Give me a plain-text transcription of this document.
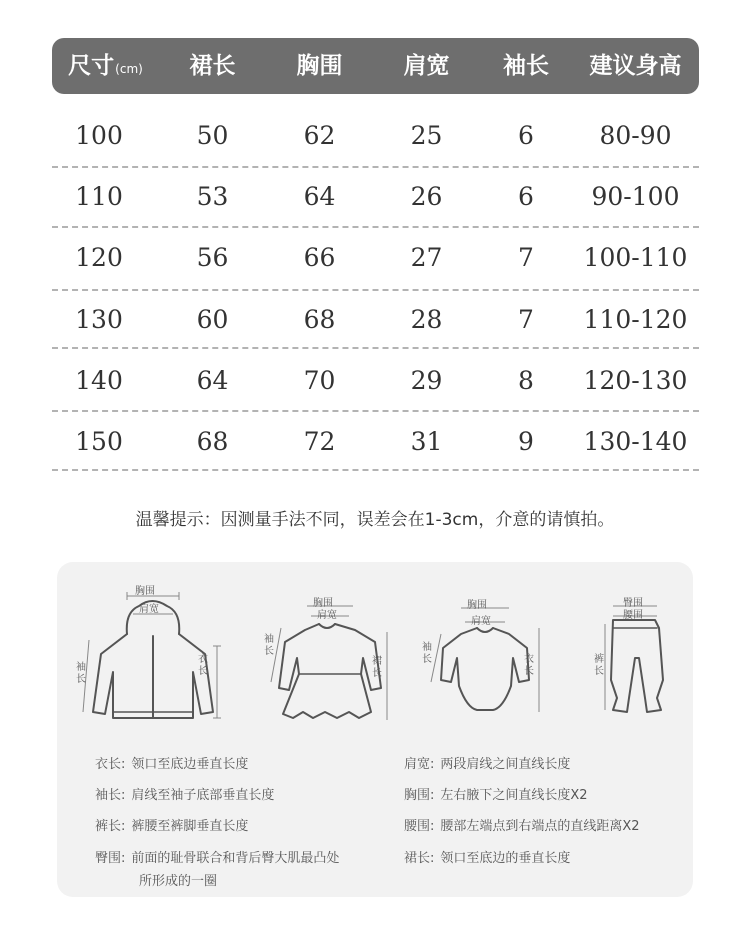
尺寸(cm)	裙长	胸围	肩宽	袖长	建议身高
100	50	62	25	6	80-90
110	53	64	26	6	90-100
120	56	66	27	7	100-110
130	60	68	28	7	110-120
140	64	70	29	8	120-130
150	68	72	31	9	130-140
温馨提示：因测量手法不同，误差会在1-3cm，介意的请慎拍。
胸围
肩宽
袖长
衣长
胸围
肩宽
袖长
裙长
胸围
肩宽
袖长	衣长
臀围
腰围
裤长
衣长: 领口至底边垂直长度	肩宽: 两段肩线之间直线长度
袖长: 肩线至袖子底部垂直长度	胸围: 左右腋下之间直线长度X2
裤长: 裤腰至裤脚垂直长度	腰围: 腰部左端点到右端点的直线距离X2
臀围: 前面的耻骨联合和背后臀大肌最凸处	裙长: 领口至底边的垂直长度
所形成的一圈
